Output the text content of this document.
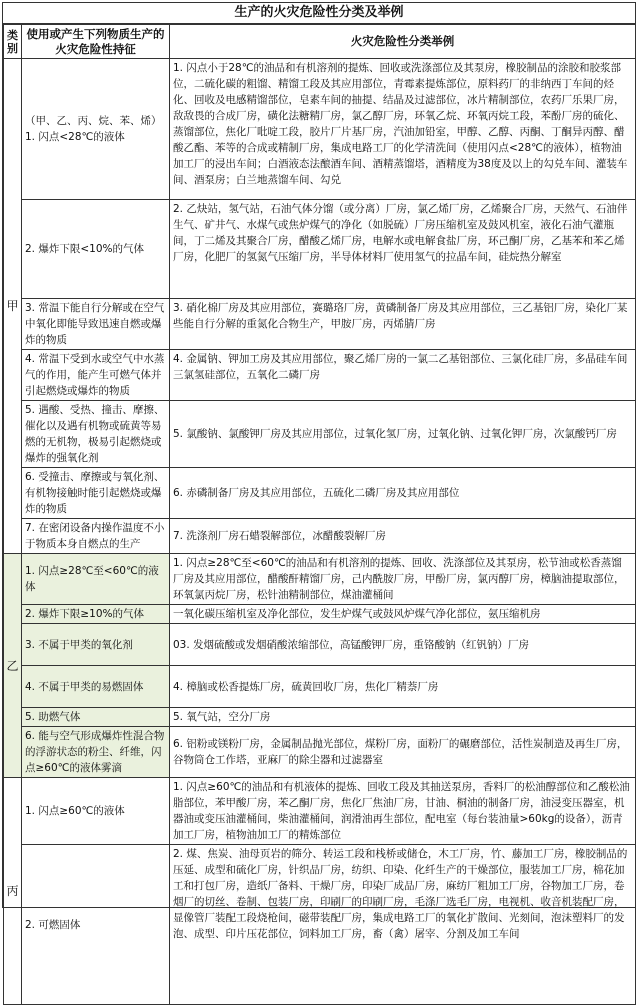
生产的火灾危险性分类及举例
类别	使用或产生下列物质生产的火灾危险性持征	火灾危险性分类举例
甲	（甲、乙、丙、烷、苯、烯）1. 闪点<28℃的液体	1. 闪点小于28℃的油品和有机溶剂的提炼、回收或洗涤部位及其泵房，橡胶制品的涂胶和胶浆部位，二硫化碳的粗馏、精馏工段及其应用部位，青霉素提炼部位，原料药厂的非纳西丁车间的烃化、回收及电感精馏部位，皂素车间的抽提、结晶及过滤部位，冰片精制部位，农药厂乐果厂房，敌敌畏的合成厂房，磺化法糖精厂房，氯乙醇厂房，环氧乙烷、环氧丙烷工段，苯酚厂房的硫化、蒸馏部位，焦化厂吡啶工段，胶片厂片基厂房，汽油加铅室，甲醇、乙醇、丙酮、丁酮异丙醇、醋酸乙酯、苯等的合成或精制厂房，集成电路工厂的化学清洗间（使用闪点<28℃的液体），植物油加工厂的浸出车间；白酒液态法酿酒车间、酒精蒸馏塔，酒精度为38度及以上的勾兑车间、灌装车间、酒泵房；白兰地蒸馏车间、勾兑

	2. 爆炸下限<10%的气体	2. 乙炔站，氢气站，石油气体分馏（或分离）厂房，氯乙烯厂房，乙烯聚合厂房，天然气、石油伴生气、矿井气、水煤气或焦炉煤气的净化（如脱硫）厂房压缩机室及鼓风机室，液化石油气灌瓶间，丁二烯及其聚合厂房，醋酸乙烯厂房，电解水或电解食盐厂房，环己酮厂房，乙基苯和苯乙烯厂房，化肥厂的氢氮气压缩厂房，半导体材料厂使用氢气的拉晶车间，硅烷热分解室

	3. 常温下能自行分解或在空气中氧化即能导致迅速自燃或爆炸的物质	3. 硝化棉厂房及其应用部位，赛璐珞厂房，黄磷制备厂房及其应用部位，三乙基铝厂房，染化厂某些能自行分解的重氮化合物生产，甲胺厂房，丙烯腈厂房

	4. 常温下受到水或空气中水蒸气的作用，能产生可燃气体并引起燃烧或爆炸的物质	4. 金属钠、钾加工房及其应用部位，聚乙烯厂房的一氯二乙基铝部位、三氯化硅厂房，多晶硅车间三氯氢硅部位，五氧化二磷厂房

	5. 遇酸、受热、撞击、摩擦、催化以及遇有机物或硫黄等易燃的无机物，极易引起燃烧或爆炸的强氧化剂	5. 氯酸钠、氯酸钾厂房及其应用部位，过氧化氢厂房，过氧化钠、过氧化钾厂房，次氯酸钙厂房

	6. 受撞击、摩擦或与氧化剂、有机物接触时能引起燃烧或爆炸的物质	6. 赤磷制备厂房及其应用部位，五硫化二磷厂房及其应用部位

	7. 在密闭设备内操作温度不小于物质本身自燃点的生产	7. 洗涤剂厂房石蜡裂解部位，冰醋酸裂解厂房
乙	1. 闪点≥28℃至<60℃的液体	1. 闪点≥28℃至<60℃的油品和有机溶剂的提炼、回收、洗涤部位及其泵房，松节油或松香蒸馏厂房及其应用部位，醋酸酐精馏厂房，己内酰胺厂房，甲酚厂房，氯丙醇厂房，樟脑油提取部位，环氧氯丙烷厂房，松针油精制部位，煤油灌桶间

	2. 爆炸下限≥10%的气体	一氧化碳压缩机室及净化部位，发生炉煤气或鼓风炉煤气净化部位，氨压缩机房

	3. 不属于甲类的氧化剂	03. 发烟硫酸或发烟硝酸浓缩部位，高锰酸钾厂房，重铬酸钠（红钒钠）厂房
	4. 不属于甲类的易燃固体	4. 樟脑或松香提炼厂房，硫黄回收厂房，焦化厂精萘厂房
	5. 助燃气体	5. 氧气站，空分厂房

	6. 能与空气形成爆炸性混合物的浮游状态的粉尘、纤维，闪点≥60℃的液体雾滴	6. 铝粉或镁粉厂房，金属制品抛光部位，煤粉厂房，面粉厂的碾磨部位，活性炭制造及再生厂房，谷物筒仓工作塔，亚麻厂的除尘器和过滤器室

丙	1. 闪点≥60℃的液体	1. 闪点≥60℃的油品和有机液体的提炼、回收工段及其抽送泵房，香料厂的松油醇部位和乙酸松油脂部位，苯甲酸厂房，苯乙酮厂房，焦化厂焦油厂房，甘油、桐油的制备厂房，油浸变压器室，机器油或变压油灌桶间，柴油灌桶间，润滑油再生部位，配电室（每台装油量>60kg的设备），沥青加工厂房，植物油加工厂的精炼部位

	2. 可燃固体	2. 煤、焦炭、油母页岩的筛分、转运工段和栈桥或储仓，木工厂房，竹、藤加工厂房，橡胶制品的压延、成型和硫化厂房，针织品厂房，纺织、印染、化纤生产的干燥部位，服装加工厂房，棉花加工和打包厂房，造纸厂备料、干燥厂房，印染厂成品厂房，麻纺厂粗加工厂房，谷物加工厂房，卷烟厂的切丝、卷制、包装厂房，印刷厂的印刷厂房，毛涤厂选毛厂房，电视机、收音机装配厂房，显像管厂装配工段烧枪间，磁带装配厂房，集成电路工厂的氧化扩散间、光刻间，泡沫塑料厂的发泡、成型、印片压花部位，饲料加工厂房，畜（禽）屠宰、分割及加工车间
